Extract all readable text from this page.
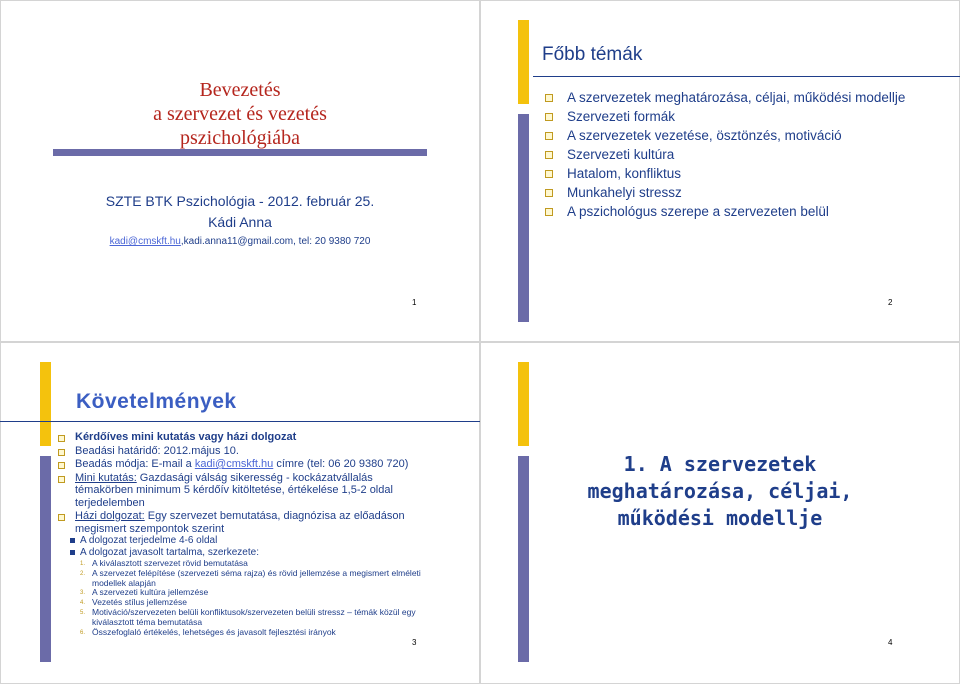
Bevezetés
a szervezet és vezetés
pszichológiába
SZTE BTK Pszichológia - 2012. február 25.
Kádi Anna
kadi@cmskft.hu,kadi.anna11@gmail.com, tel: 20 9380 720
1
Főbb témák
A szervezetek meghatározása, céljai, működési modellje
Szervezeti formák
A szervezetek vezetése, ösztönzés, motiváció
Szervezeti kultúra
Hatalom, konfliktus
Munkahelyi stressz
A pszichológus szerepe a szervezeten belül
2
Követelmények
Kérdőíves mini kutatás vagy házi dolgozat
Beadási határidő: 2012.május 10.
Beadás módja: E-mail a kadi@cmskft.hu címre (tel: 06 20 9380 720)
Mini kutatás: Gazdasági válság sikeresség - kockázatvállalás témakörben minimum 5 kérdőív kitöltetése, értékelése 1,5-2 oldal terjedelemben
Házi dolgozat: Egy szervezet bemutatása, diagnózisa az előadáson megismert szempontok szerint
A dolgozat terjedelme 4-6 oldal
A dolgozat javasolt tartalma, szerkezete:
1. A kiválasztott szervezet rövid bemutatása
2. A szervezet felépítése (szervezeti séma rajza) és rövid jellemzése a megismert elméleti modellek alapján
3. A szervezeti kultúra jellemzése
4. Vezetés stílus jellemzése
5. Motiváció/szervezeten belüli konfliktusok/szervezeten belüli stressz – témák közül egy kiválasztott téma bemutatása
6. Összefoglaló értékelés, lehetséges és javasolt fejlesztési irányok
3
1. A szervezetek
meghatározása, céljai,
működési modellje
4
